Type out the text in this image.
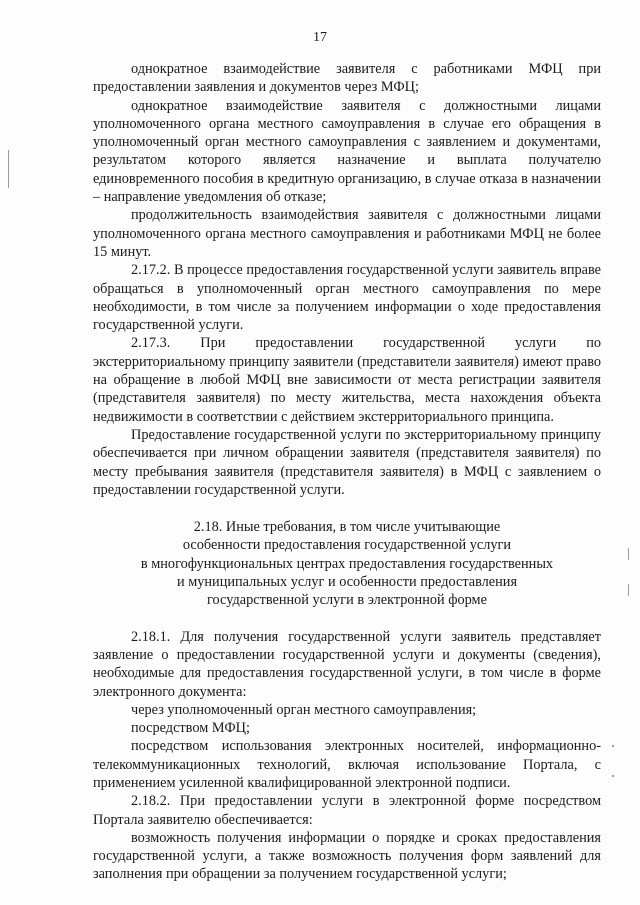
17

однократное взаимодействие заявителя с работниками МФЦ при предоставлении заявления и документов через МФЦ;

однократное взаимодействие заявителя с должностными лицами уполномоченного органа местного самоуправления в случае его обращения в уполномоченный орган местного самоуправления с заявлением и документами, результатом которого является назначение и выплата получателю единовременного пособия в кредитную организацию, в случае отказа в назначении – направление уведомления об отказе;

продолжительность взаимодействия заявителя с должностными лицами уполномоченного органа местного самоуправления и работниками МФЦ не более 15 минут.

2.17.2. В процессе предоставления государственной услуги заявитель вправе обращаться в уполномоченный орган местного самоуправления по мере необходимости, в том числе за получением информации о ходе предоставления государственной услуги.

2.17.3. При предоставлении государственной услуги по экстерриториальному принципу заявители (представители заявителя) имеют право на обращение в любой МФЦ вне зависимости от места регистрации заявителя (представителя заявителя) по месту жительства, места нахождения объекта недвижимости в соответствии с действием экстерриториального принципа.

Предоставление государственной услуги по экстерриториальному принципу обеспечивается при личном обращении заявителя (представителя заявителя) по месту пребывания заявителя (представителя заявителя) в МФЦ с заявлением о предоставлении государственной услуги.

2.18. Иные требования, в том числе учитывающие
особенности предоставления государственной услуги
в многофункциональных центрах предоставления государственных
и муниципальных услуг и особенности предоставления
государственной услуги в электронной форме

2.18.1. Для получения государственной услуги заявитель представляет заявление о предоставлении государственной услуги и документы (сведения), необходимые для предоставления государственной услуги, в том числе в форме электронного документа:

через уполномоченный орган местного самоуправления;

посредством МФЦ;

посредством использования электронных носителей, информационно-телекоммуникационных технологий, включая использование Портала, с применением усиленной квалифицированной электронной подписи.

2.18.2. При предоставлении услуги в электронной форме посредством Портала заявителю обеспечивается:

возможность получения информации о порядке и сроках предоставления государственной услуги, а также возможность получения форм заявлений для заполнения при обращении за получением государственной услуги;
